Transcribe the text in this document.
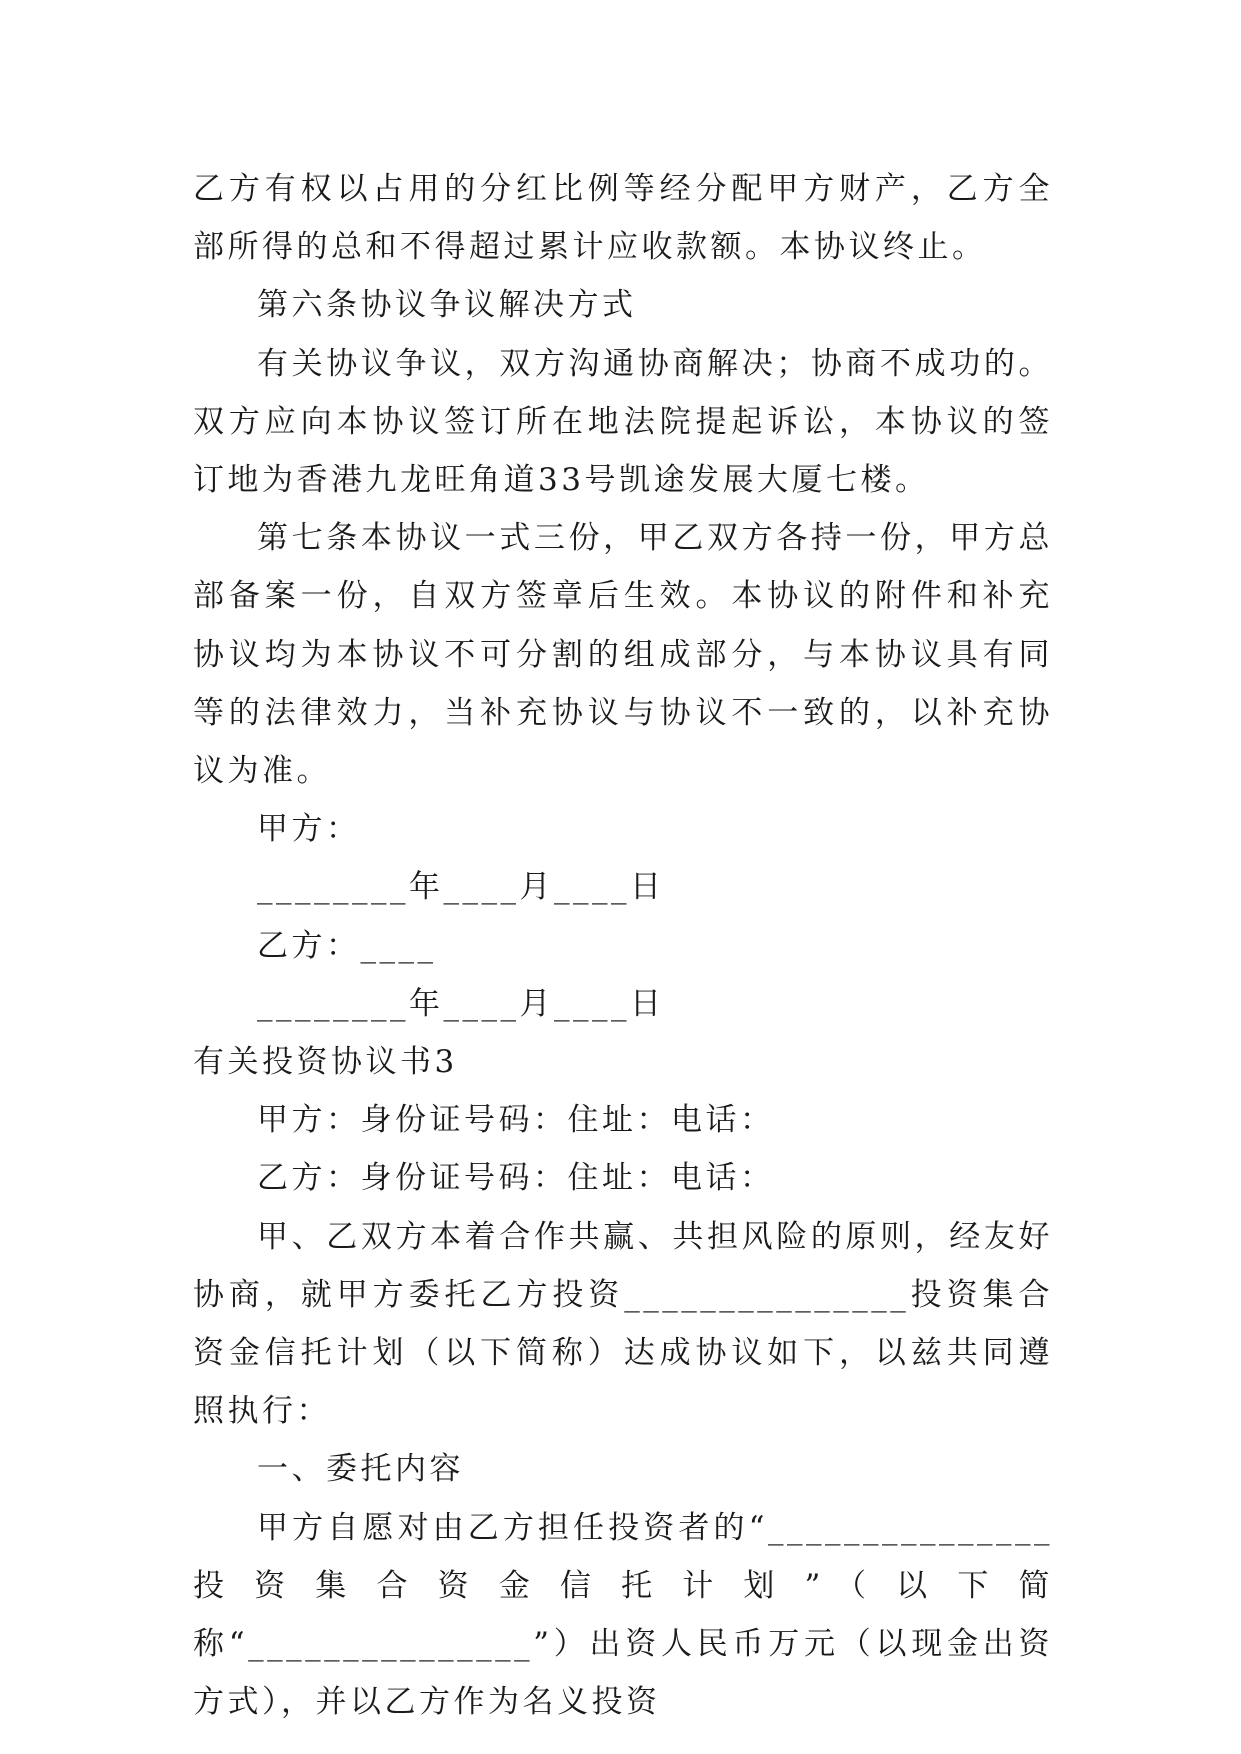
乙方有权以占用的分红比例等经分配甲方财产，乙方全部所得的总和不得超过累计应收款额。本协议终止。

第六条协议争议解决方式

有关协议争议，双方沟通协商解决；协商不成功的。双方应向本协议签订所在地法院提起诉讼，本协议的签订地为香港九龙旺角道33号凯途发展大厦七楼。

第七条本协议一式三份，甲乙双方各持一份，甲方总部备案一份，自双方签章后生效。本协议的附件和补充协议均为本协议不可分割的组成部分，与本协议具有同等的法律效力，当补充协议与协议不一致的，以补充协议为准。

甲方：

________年____月____日

乙方：____

________年____月____日

有关投资协议书3

甲方：身份证号码：住址：电话：

乙方：身份证号码：住址：电话：

甲、乙双方本着合作共赢、共担风险的原则，经友好协商，就甲方委托乙方投资_______________投资集合资金信托计划（以下简称）达成协议如下，以兹共同遵照执行：

一、委托内容

甲方自愿对由乙方担任投资者的“_______________投资集合资金信托计划”（以下简称“_______________”）出资人民币万元（以现金出资方式），并以乙方作为名义投资
